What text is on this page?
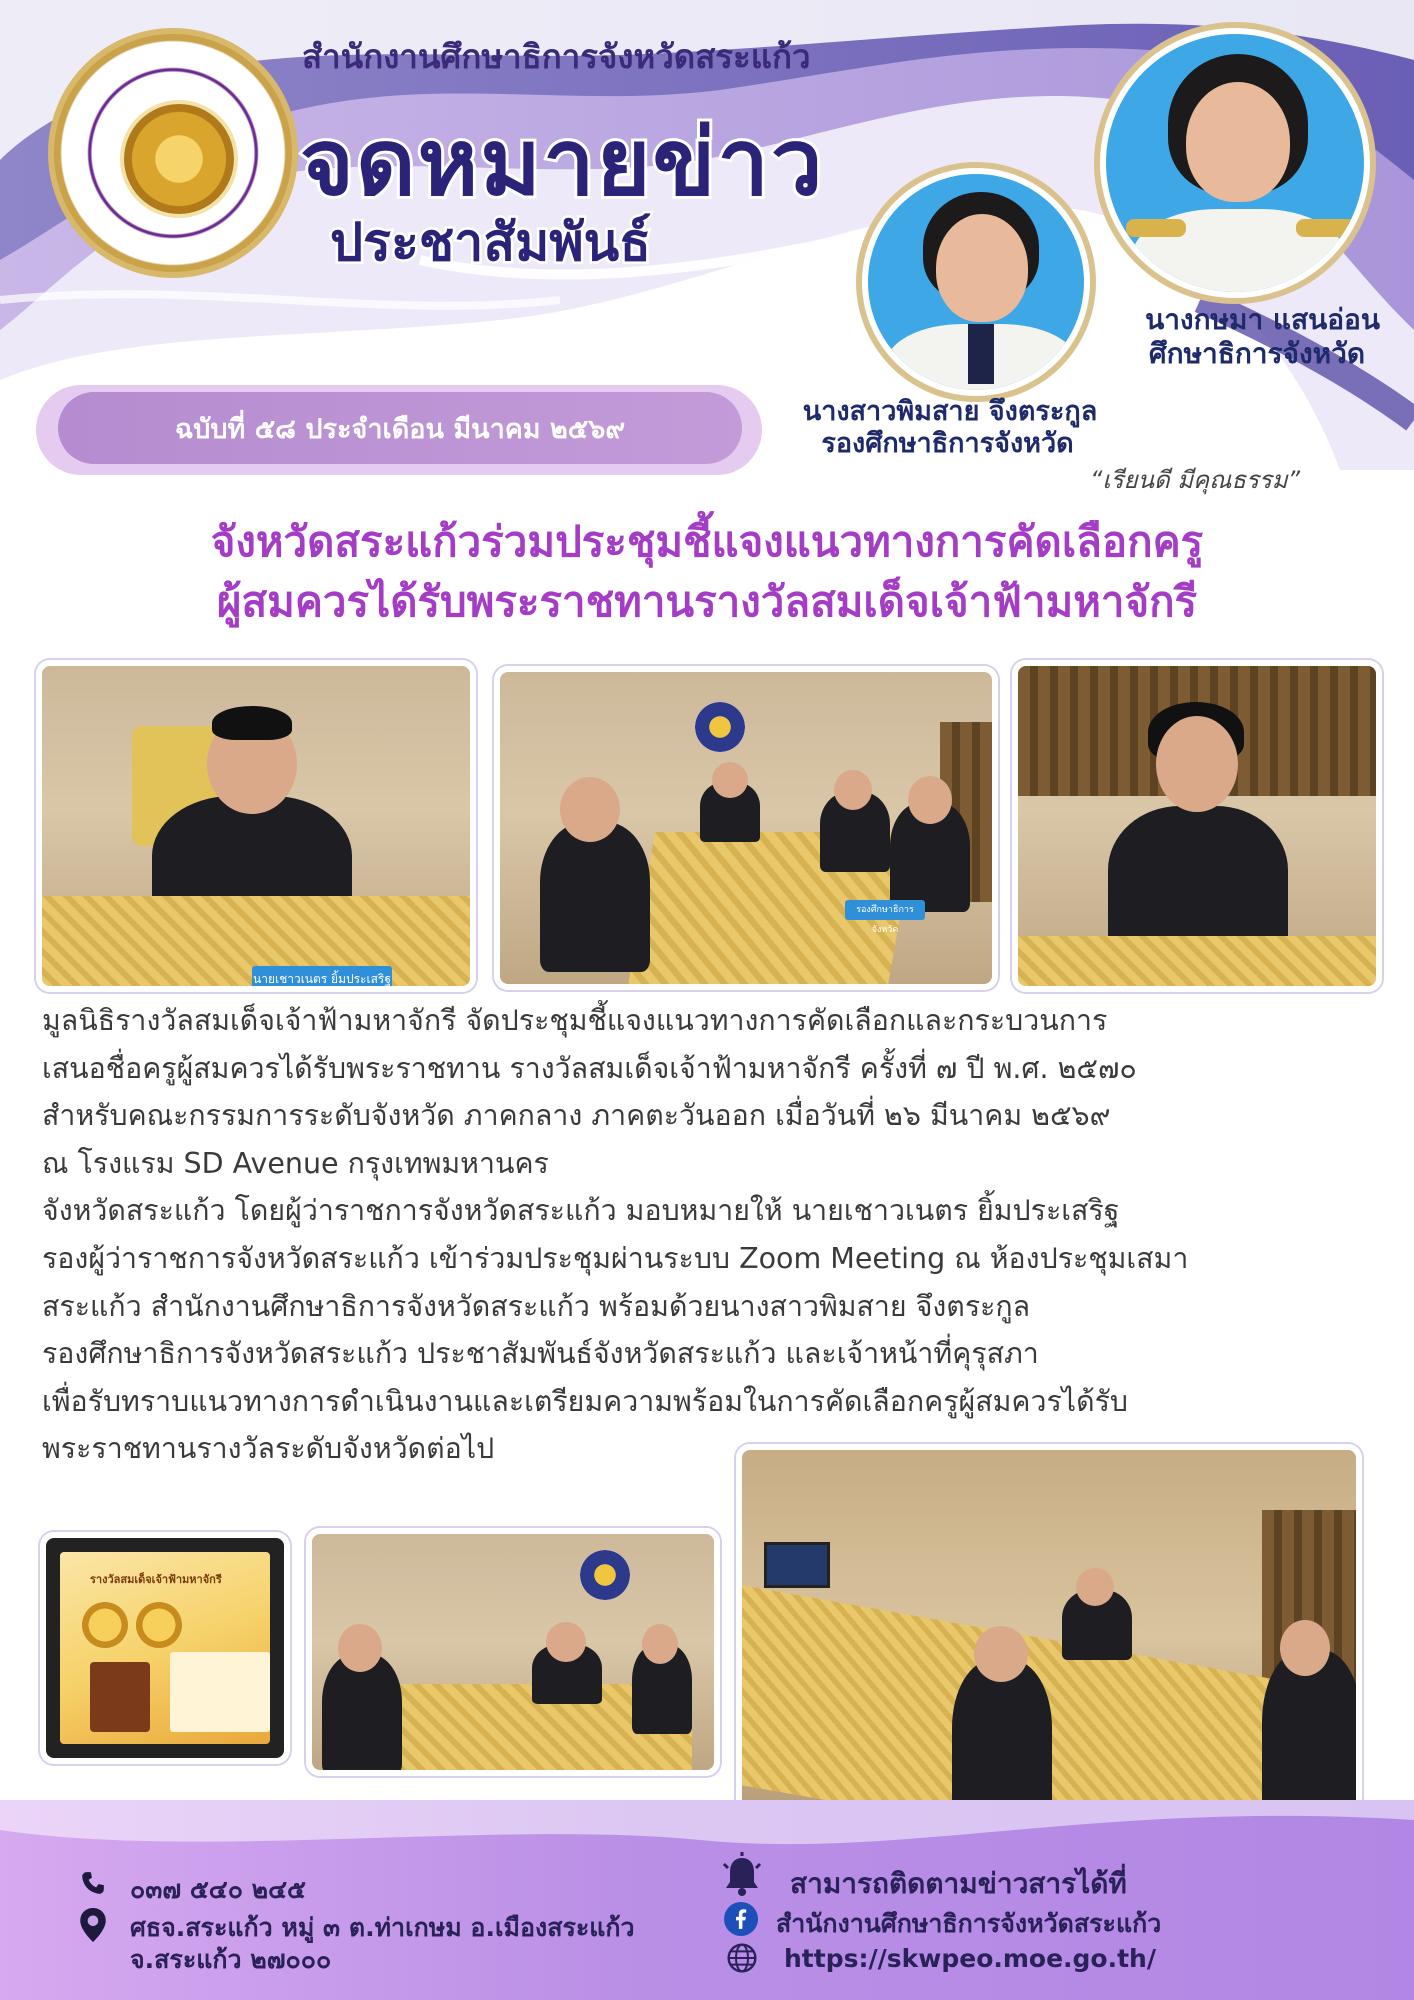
สำนักงานศึกษาธิการจังหวัดสระแก้ว
จดหมายข่าว
ประชาสัมพันธ์
ฉบับที่ ๕๘ ประจำเดือน มีนาคม ๒๕๖๙
นางกษมา แสนอ่อน
ศึกษาธิการจังหวัด
นางสาวพิมสาย จึงตระกูล
รองศึกษาธิการจังหวัด
“เรียนดี มีคุณธรรม”
จังหวัดสระแก้วร่วมประชุมชี้แจงแนวทางการคัดเลือกครู
ผู้สมควรได้รับพระราชทานรางวัลสมเด็จเจ้าฟ้ามหาจักรี
นายเชาวเนตร ยิ้มประเสริฐ
รองศึกษาธิการจังหวัด

มูลนิธิรางวัลสมเด็จเจ้าฟ้ามหาจักรี จัดประชุมชี้แจงแนวทางการคัดเลือกและกระบวนการ

เสนอชื่อครูผู้สมควรได้รับพระราชทาน รางวัลสมเด็จเจ้าฟ้ามหาจักรี ครั้งที่ ๗ ปี พ.ศ. ๒๕๗๐

สำหรับคณะกรรมการระดับจังหวัด ภาคกลาง ภาคตะวันออก เมื่อวันที่ ๒๖ มีนาคม ๒๕๖๙

ณ โรงแรม SD Avenue กรุงเทพมหานคร

จังหวัดสระแก้ว โดยผู้ว่าราชการจังหวัดสระแก้ว มอบหมายให้ นายเชาวเนตร ยิ้มประเสริฐ

รองผู้ว่าราชการจังหวัดสระแก้ว เข้าร่วมประชุมผ่านระบบ Zoom Meeting ณ ห้องประชุมเสมา

สระแก้ว สำนักงานศึกษาธิการจังหวัดสระแก้ว พร้อมด้วยนางสาวพิมสาย จึงตระกูล

รองศึกษาธิการจังหวัดสระแก้ว ประชาสัมพันธ์จังหวัดสระแก้ว และเจ้าหน้าที่คุรุสภา

เพื่อรับทราบแนวทางการดำเนินงานและเตรียมความพร้อมในการคัดเลือกครูผู้สมควรได้รับ

พระราชทานรางวัลระดับจังหวัดต่อไป

รางวัลสมเด็จเจ้าฟ้ามหาจักรี
๐๓๗ ๕๔๐ ๒๔๕
ศธจ.สระแก้ว หมู่ ๓ ต.ท่าเกษม อ.เมืองสระแก้ว
จ.สระแก้ว ๒๗๐๐๐
สามารถติดตามข่าวสารได้ที่
สำนักงานศึกษาธิการจังหวัดสระแก้ว
https://skwpeo.moe.go.th/
